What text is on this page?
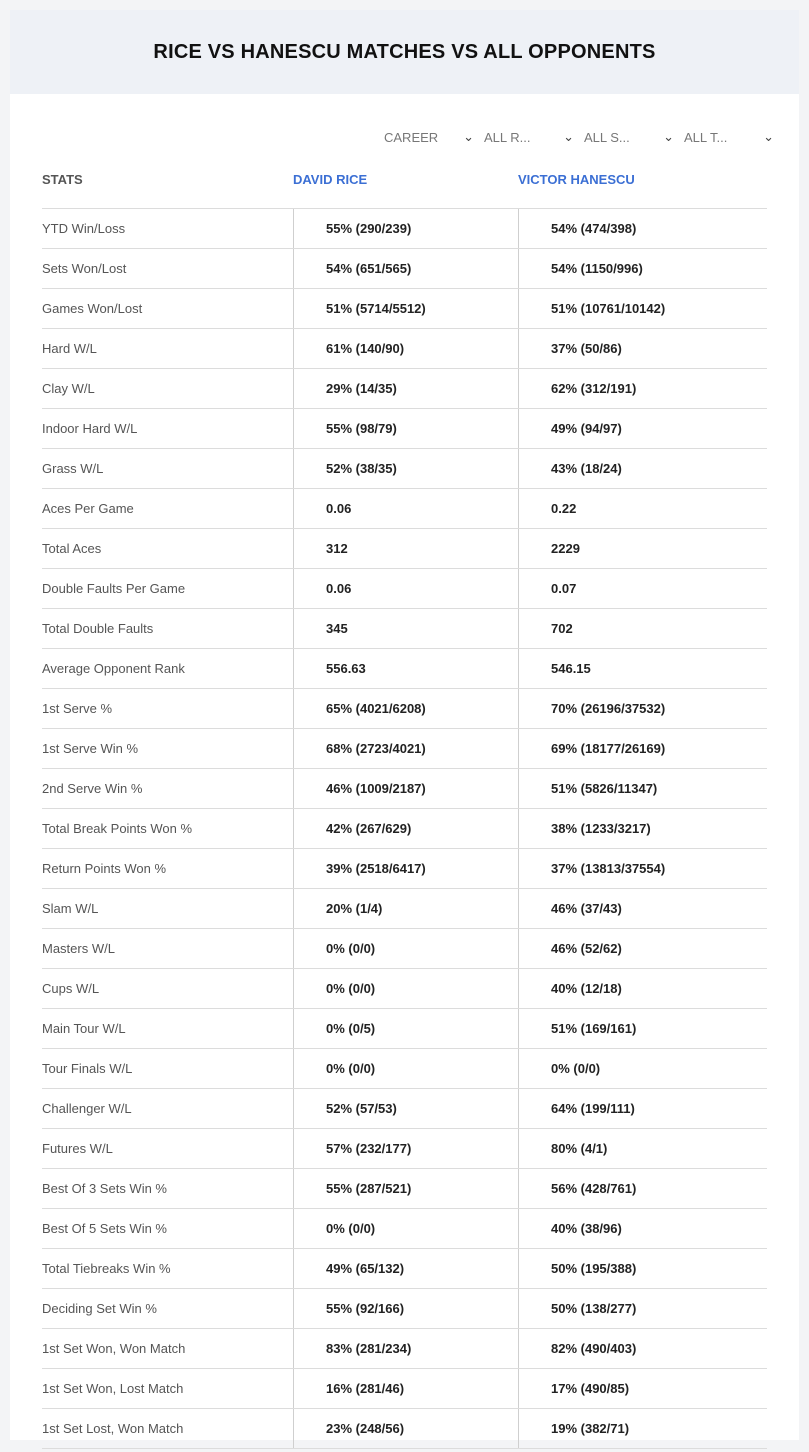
RICE VS HANESCU MATCHES VS ALL OPPONENTS
CAREER ⌄ ALL R...	⌄ ALL S...	⌄ ALL T...	⌄
STATS	DAVID RICE	VICTOR HANESCU
YTD Win/Loss	55% (290/239)	54% (474/398)
Sets Won/Lost	54% (651/565)	54% (1150/996)
Games Won/Lost	51% (5714/5512)	51% (10761/10142)
Hard W/L	61% (140/90)	37% (50/86)
Clay W/L	29% (14/35)	62% (312/191)
Indoor Hard W/L	55% (98/79)	49% (94/97)
Grass W/L	52% (38/35)	43% (18/24)
Aces Per Game	0.06	0.22
Total Aces	312	2229
Double Faults Per Game	0.06	0.07
Total Double Faults	345	702
Average Opponent Rank	556.63	546.15
1st Serve %	65% (4021/6208)	70% (26196/37532)
1st Serve Win %	68% (2723/4021)	69% (18177/26169)
2nd Serve Win %	46% (1009/2187)	51% (5826/11347)
Total Break Points Won %	42% (267/629)	38% (1233/3217)
Return Points Won %	39% (2518/6417)	37% (13813/37554)
Slam W/L	20% (1/4)	46% (37/43)
Masters W/L	0% (0/0)	46% (52/62)
Cups W/L	0% (0/0)	40% (12/18)
Main Tour W/L	0% (0/5)	51% (169/161)
Tour Finals W/L	0% (0/0)	0% (0/0)
Challenger W/L	52% (57/53)	64% (199/111)
Futures W/L	57% (232/177)	80% (4/1)
Best Of 3 Sets Win %	55% (287/521)	56% (428/761)
Best Of 5 Sets Win %	0% (0/0)	40% (38/96)
Total Tiebreaks Win %	49% (65/132)	50% (195/388)
Deciding Set Win %	55% (92/166)	50% (138/277)
1st Set Won, Won Match	83% (281/234)	82% (490/403)
1st Set Won, Lost Match	16% (281/46)	17% (490/85)
1st Set Lost, Won Match	23% (248/56)	19% (382/71)
